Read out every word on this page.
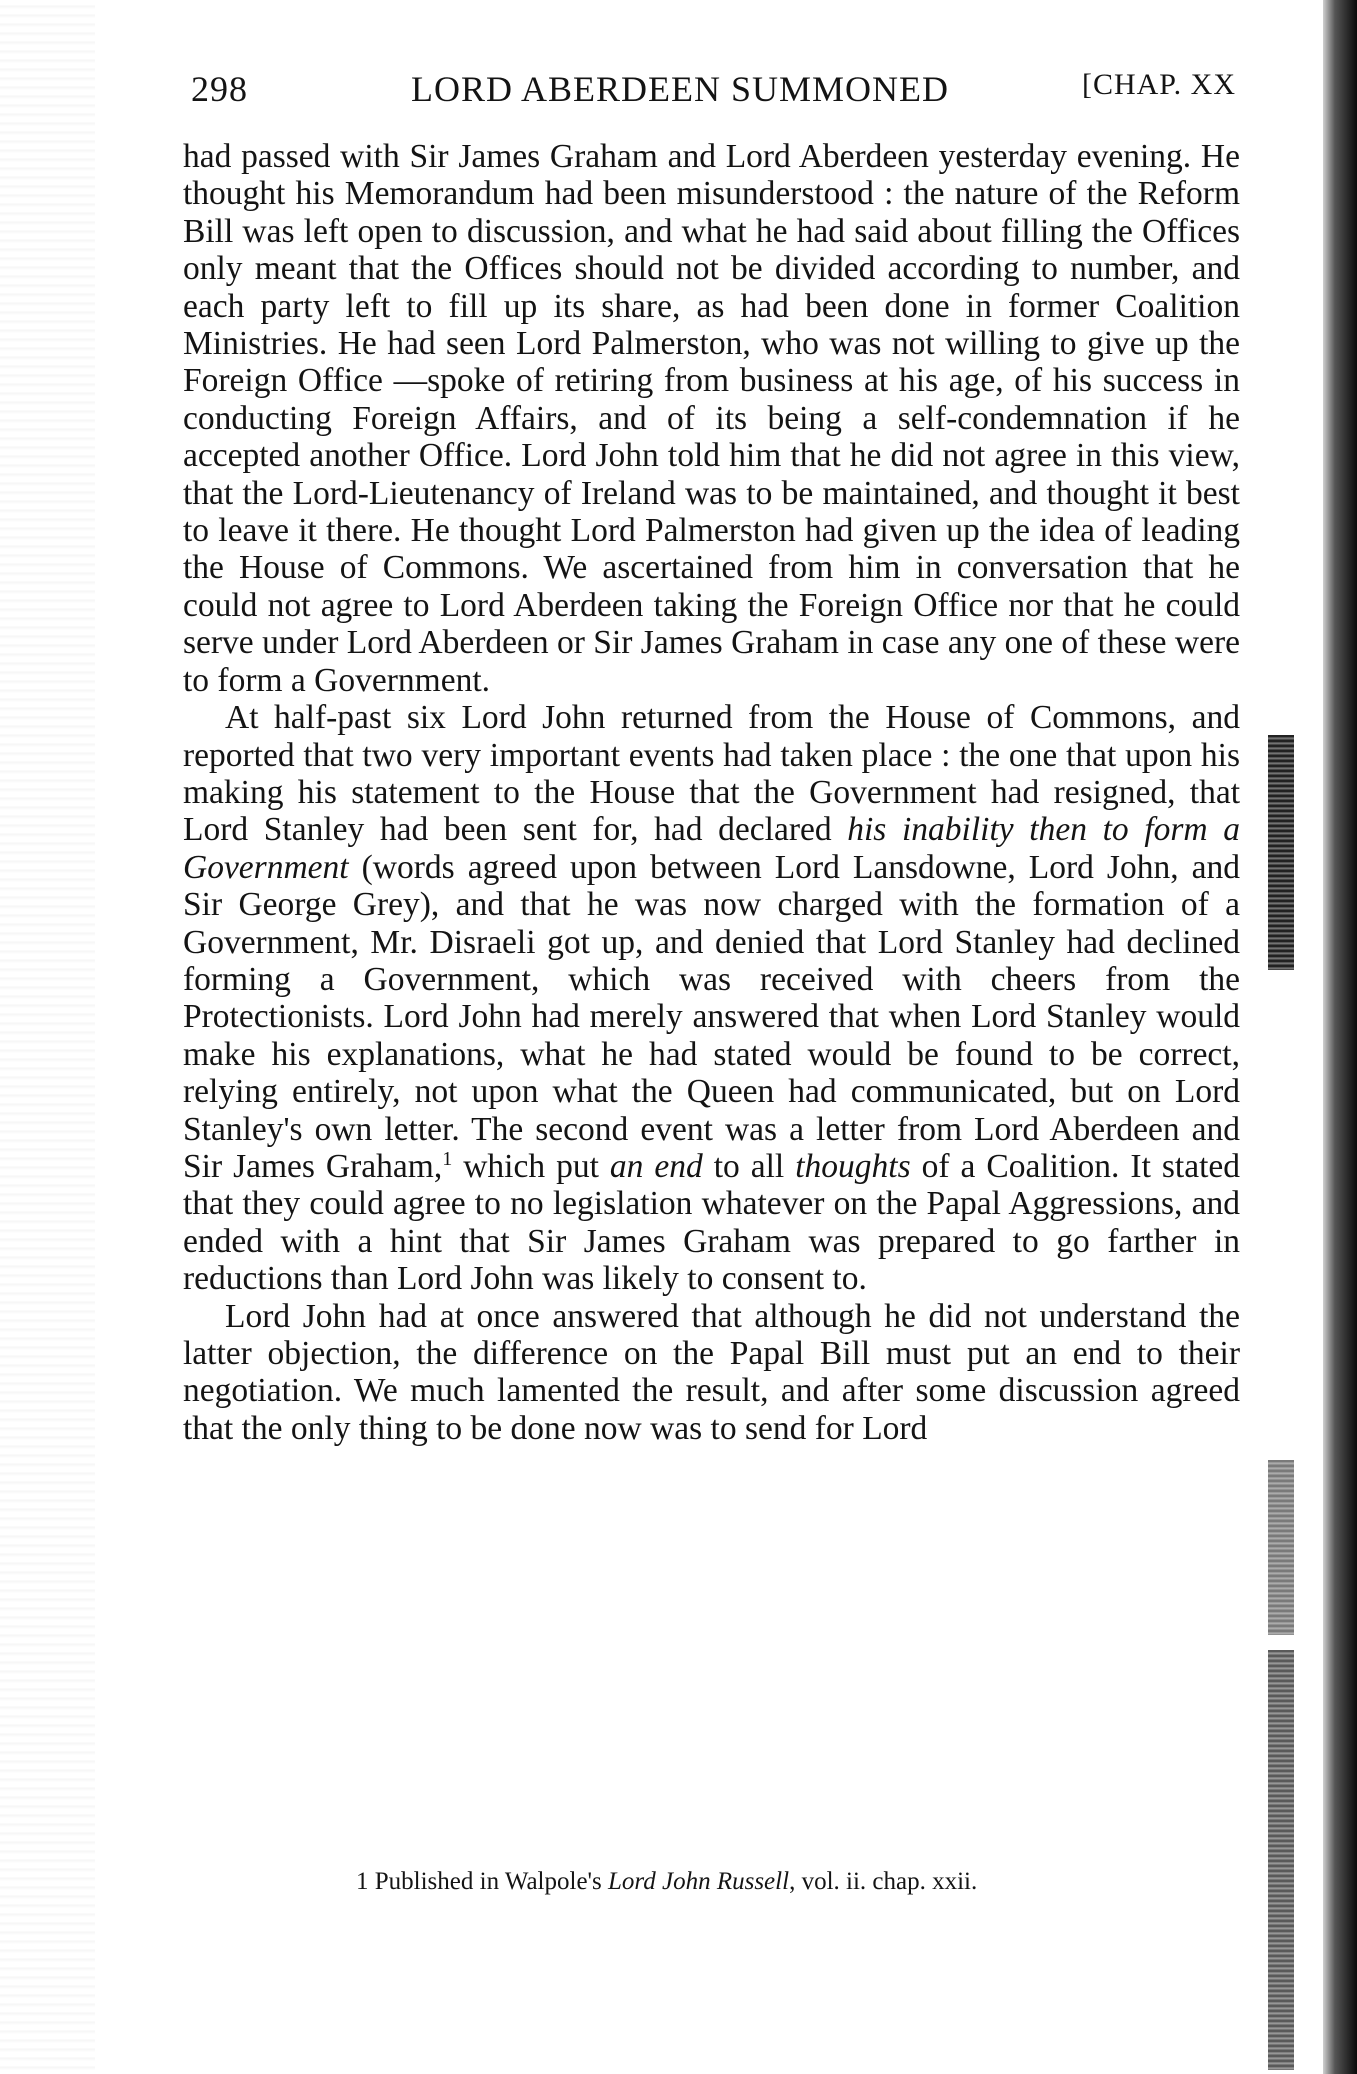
298	LORD ABERDEEN SUMMONED	[CHAP. XX

had passed with Sir James Graham and Lord Aberdeen yesterday evening. He thought his Memorandum had been misunderstood : the nature of the Reform Bill was left open to discussion, and what he had said about filling the Offices only meant that the Offices should not be divided according to number, and each party left to fill up its share, as had been done in former Coalition Ministries. He had seen Lord Palmerston, who was not willing to give up the Foreign Office —spoke of retiring from business at his age, of his success in conducting Foreign Affairs, and of its being a self-condemnation if he accepted another Office. Lord John told him that he did not agree in this view, that the Lord-Lieutenancy of Ireland was to be maintained, and thought it best to leave it there. He thought Lord Palmerston had given up the idea of leading the House of Commons. We ascertained from him in conversation that he could not agree to Lord Aberdeen taking the Foreign Office nor that he could serve under Lord Aberdeen or Sir James Graham in case any one of these were to form a Government.

At half-past six Lord John returned from the House of Commons, and reported that two very important events had taken place : the one that upon his making his statement to the House that the Government had resigned, that Lord Stanley had been sent for, had declared his inability then to form a Government (words agreed upon between Lord Lansdowne, Lord John, and Sir George Grey), and that he was now charged with the formation of a Government, Mr. Disraeli got up, and denied that Lord Stanley had declined forming a Government, which was received with cheers from the Protectionists. Lord John had merely answered that when Lord Stanley would make his explanations, what he had stated would be found to be correct, relying entirely, not upon what the Queen had communicated, but on Lord Stanley's own letter. The second event was a letter from Lord Aberdeen and Sir James Graham,$^1$ which put an end to all thoughts of a Coalition. It stated that they could agree to no legislation whatever on the Papal Aggressions, and ended with a hint that Sir James Graham was prepared to go farther in reductions than Lord John was likely to consent to.

Lord John had at once answered that although he did not understand the latter objection, the difference on the Papal Bill must put an end to their negotiation. We much lamented the result, and after some discussion agreed that the only thing to be done now was to send for Lord

1 Published in Walpole's Lord John Russell, vol. ii. chap. xxii.
